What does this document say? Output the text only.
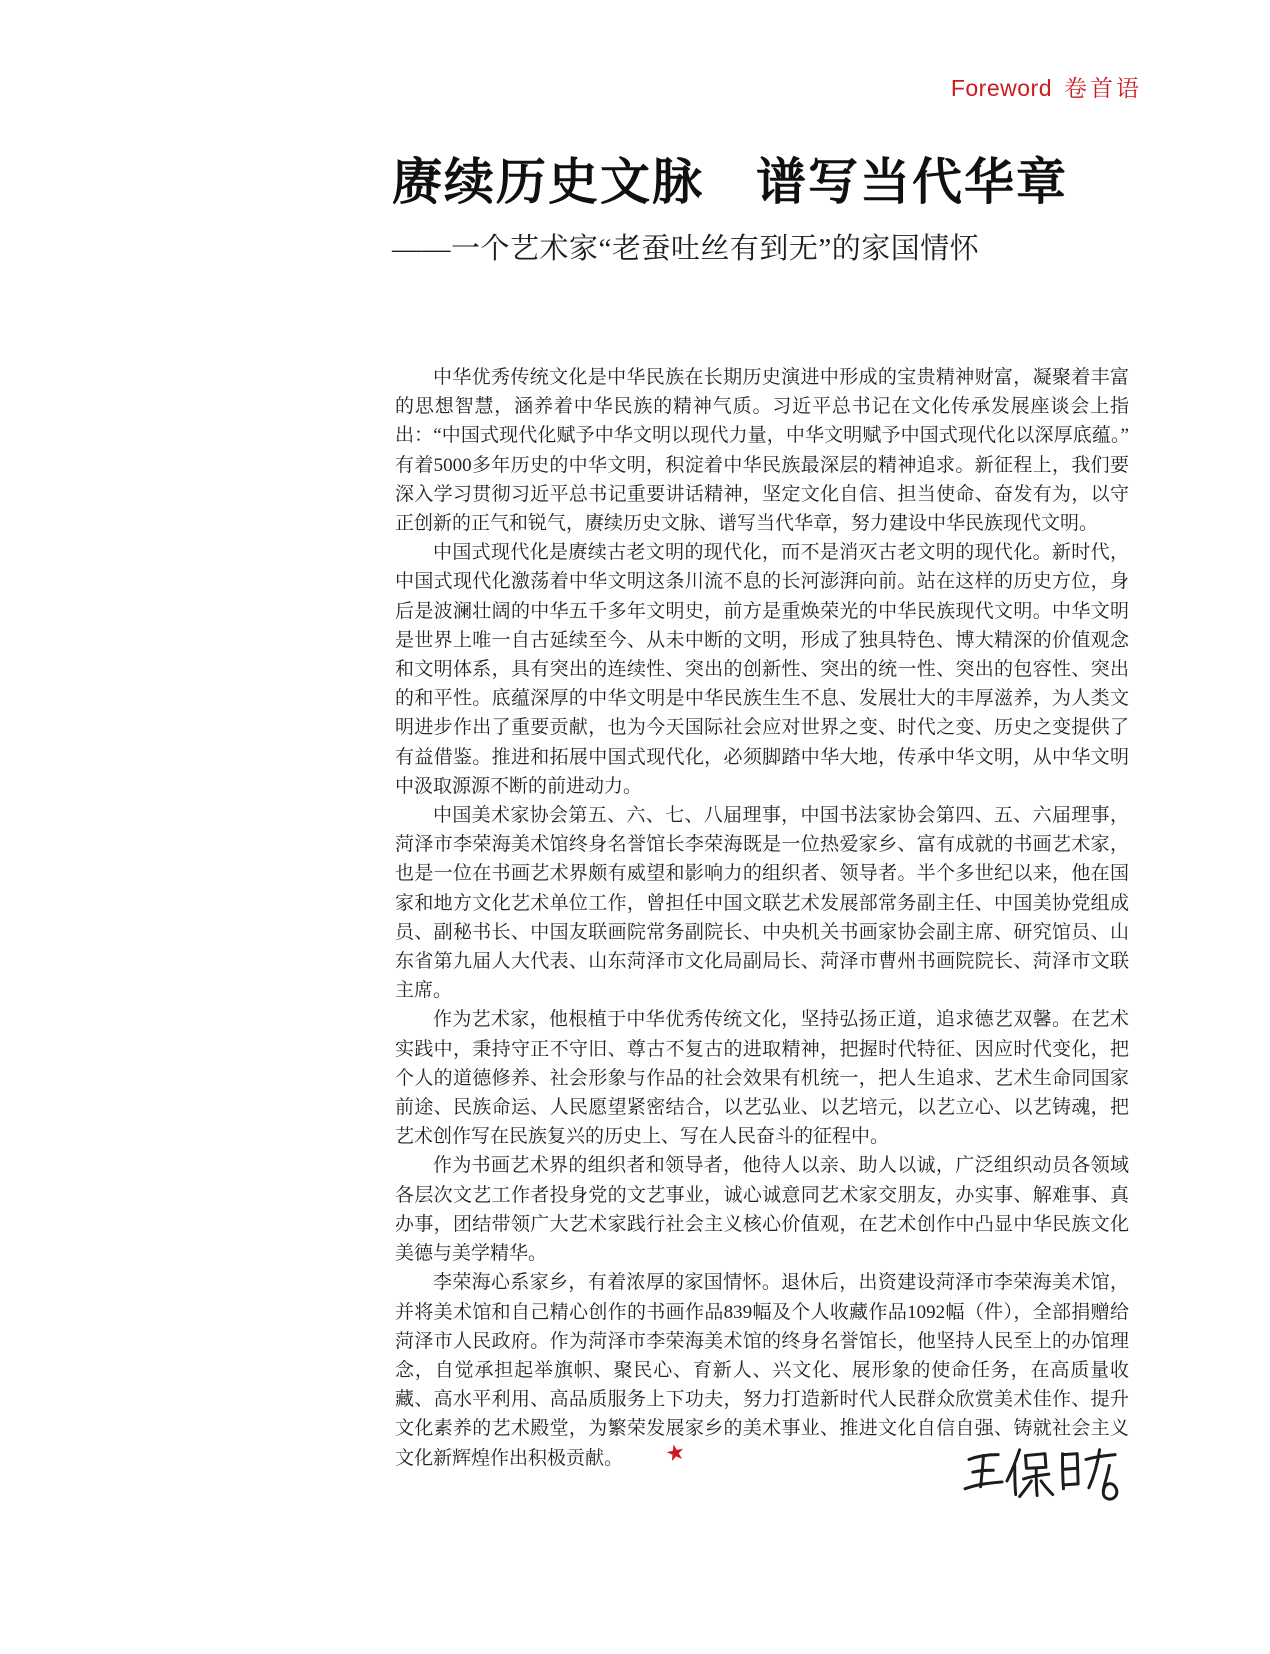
Foreword 卷首语
赓续历史文脉 谱写当代华章
——一个艺术家“老蚕吐丝有到无”的家国情怀

中华优秀传统文化是中华民族在长期历史演进中形成的宝贵精神财富，凝聚着丰富的思想智慧，涵养着中华民族的精神气质。习近平总书记在文化传承发展座谈会上指出：“中国式现代化赋予中华文明以现代力量，中华文明赋予中国式现代化以深厚底蕴。”有着5000多年历史的中华文明，积淀着中华民族最深层的精神追求。新征程上，我们要深入学习贯彻习近平总书记重要讲话精神，坚定文化自信、担当使命、奋发有为，以守正创新的正气和锐气，赓续历史文脉、谱写当代华章，努力建设中华民族现代文明。

中国式现代化是赓续古老文明的现代化，而不是消灭古老文明的现代化。新时代，中国式现代化激荡着中华文明这条川流不息的长河澎湃向前。站在这样的历史方位，身后是波澜壮阔的中华五千多年文明史，前方是重焕荣光的中华民族现代文明。中华文明是世界上唯一自古延续至今、从未中断的文明，形成了独具特色、博大精深的价值观念和文明体系，具有突出的连续性、突出的创新性、突出的统一性、突出的包容性、突出的和平性。底蕴深厚的中华文明是中华民族生生不息、发展壮大的丰厚滋养，为人类文明进步作出了重要贡献，也为今天国际社会应对世界之变、时代之变、历史之变提供了有益借鉴。推进和拓展中国式现代化，必须脚踏中华大地，传承中华文明，从中华文明中汲取源源不断的前进动力。

中国美术家协会第五、六、七、八届理事，中国书法家协会第四、五、六届理事，菏泽市李荣海美术馆终身名誉馆长李荣海既是一位热爱家乡、富有成就的书画艺术家，也是一位在书画艺术界颇有威望和影响力的组织者、领导者。半个多世纪以来，他在国家和地方文化艺术单位工作，曾担任中国文联艺术发展部常务副主任、中国美协党组成员、副秘书长、中国友联画院常务副院长、中央机关书画家协会副主席、研究馆员、山东省第九届人大代表、山东菏泽市文化局副局长、菏泽市曹州书画院院长、菏泽市文联主席。

作为艺术家，他根植于中华优秀传统文化，坚持弘扬正道，追求德艺双馨。在艺术实践中，秉持守正不守旧、尊古不复古的进取精神，把握时代特征、因应时代变化，把个人的道德修养、社会形象与作品的社会效果有机统一，把人生追求、艺术生命同国家前途、民族命运、人民愿望紧密结合，以艺弘业、以艺培元，以艺立心、以艺铸魂，把艺术创作写在民族复兴的历史上、写在人民奋斗的征程中。

作为书画艺术界的组织者和领导者，他待人以亲、助人以诚，广泛组织动员各领域各层次文艺工作者投身党的文艺事业，诚心诚意同艺术家交朋友，办实事、解难事、真办事，团结带领广大艺术家践行社会主义核心价值观，在艺术创作中凸显中华民族文化美德与美学精华。

李荣海心系家乡，有着浓厚的家国情怀。退休后，出资建设菏泽市李荣海美术馆，并将美术馆和自己精心创作的书画作品839幅及个人收藏作品1092幅（件），全部捐赠给菏泽市人民政府。作为菏泽市李荣海美术馆的终身名誉馆长，他坚持人民至上的办馆理念，自觉承担起举旗帜、聚民心、育新人、兴文化、展形象的使命任务，在高质量收藏、高水平利用、高品质服务上下功夫，努力打造新时代人民群众欣赏美术佳作、提升文化素养的艺术殿堂，为繁荣发展家乡的美术事业、推进文化自信自强、铸就社会主义文化新辉煌作出积极贡献。 ★
